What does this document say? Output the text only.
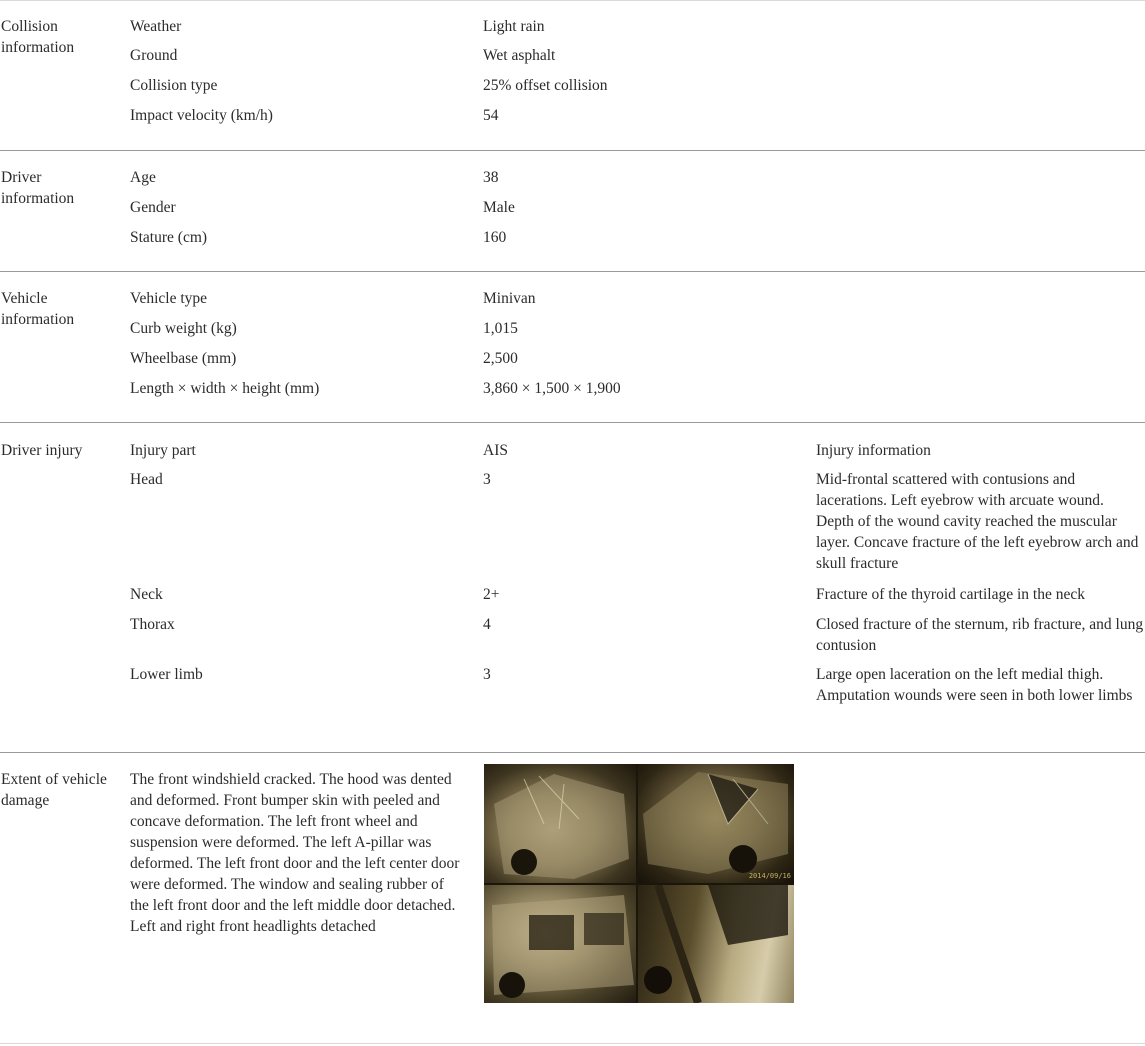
Collision information
Weather	Light rain
Ground	Wet asphalt
Collision type	25% offset collision
Impact velocity (km/h)	54
Driver information
Age	38
Gender	Male
Stature (cm)	160
Vehicle information
Vehicle type	Minivan
Curb weight (kg)	1,015
Wheelbase (mm)	2,500
Length × width × height (mm)	3,860 × 1,500 × 1,900
Driver injury	Injury part	AIS	Injury information
Head	3	Mid-frontal scattered with contusions and lacerations. Left eyebrow with arcuate wound. Depth of the wound cavity reached the muscular layer. Concave fracture of the left eyebrow arch and skull fracture
Neck	2+	Fracture of the thyroid cartilage in the neck
Thorax	4	Closed fracture of the sternum, rib fracture, and lung contusion
Lower limb	3	Large open laceration on the left medial thigh. Amputation wounds were seen in both lower limbs
Extent of vehicle damage
The front windshield cracked. The hood was dented and deformed. Front bumper skin with peeled and concave deformation. The left front wheel and suspension were deformed. The left A-pillar was deformed. The left front door and the left center door were deformed. The window and sealing rubber of the left front door and the left middle door detached. Left and right front headlights detached
2014/09/16
